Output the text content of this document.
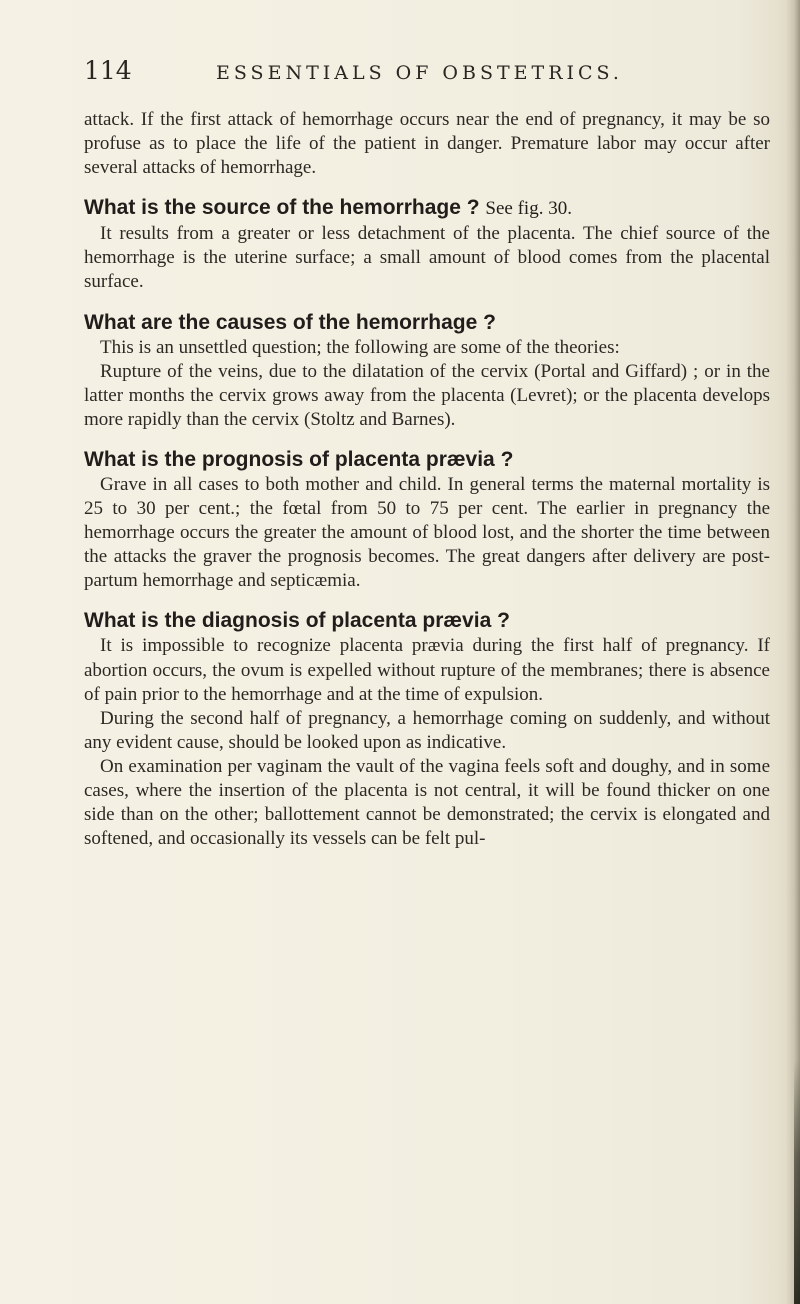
114	ESSENTIALS OF OBSTETRICS.

attack. If the first attack of hemorrhage occurs near the end of pregnancy, it may be so profuse as to place the life of the patient in danger. Premature labor may occur after several attacks of hemorrhage.

What is the source of the hemorrhage ? See fig. 30.

It results from a greater or less detachment of the placenta. The chief source of the hemorrhage is the uterine surface; a small amount of blood comes from the placental surface.

What are the causes of the hemorrhage ?

This is an unsettled question; the following are some of the theories:

Rupture of the veins, due to the dilatation of the cervix (Portal and Giffard) ; or in the latter months the cervix grows away from the placenta (Levret); or the placenta develops more rapidly than the cervix (Stoltz and Barnes).

What is the prognosis of placenta prævia ?

Grave in all cases to both mother and child. In general terms the maternal mortality is 25 to 30 per cent.; the fœtal from 50 to 75 per cent. The earlier in pregnancy the hemorrhage occurs the greater the amount of blood lost, and the shorter the time between the attacks the graver the prognosis becomes. The great dangers after delivery are post-partum hemorrhage and septicæmia.

What is the diagnosis of placenta prævia ?

It is impossible to recognize placenta prævia during the first half of pregnancy. If abortion occurs, the ovum is expelled without rupture of the membranes; there is absence of pain prior to the hemorrhage and at the time of expulsion.

During the second half of pregnancy, a hemorrhage coming on suddenly, and without any evident cause, should be looked upon as indicative.

On examination per vaginam the vault of the vagina feels soft and doughy, and in some cases, where the insertion of the placenta is not central, it will be found thicker on one side than on the other; ballottement cannot be demonstrated; the cervix is elongated and softened, and occasionally its vessels can be felt pul-
